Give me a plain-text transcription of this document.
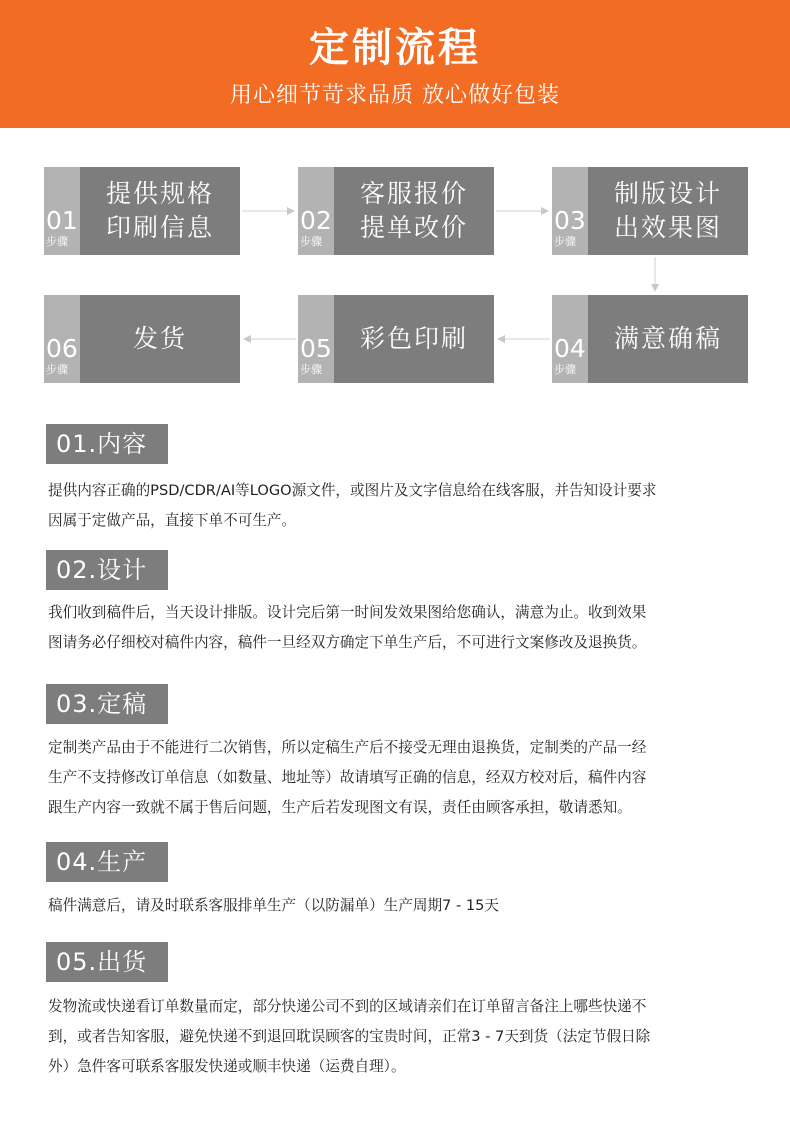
定制流程
用心细节苛求品质 放心做好包装
01
步骤
提供规格
印刷信息	02
步骤
客服报价
提单改价	03
步骤
制版设计
出效果图
04
步骤
满意确稿
05
步骤
彩色印刷
06
步骤
发货
01.内容
提供内容正确的PSD/CDR/AI等LOGO源文件，或图片及文字信息给在线客服，并告知设计要求
因属于定做产品，直接下单不可生产。
02.设计
我们收到稿件后，当天设计排版。设计完后第一时间发效果图给您确认，满意为止。收到效果
图请务必仔细校对稿件内容，稿件一旦经双方确定下单生产后，不可进行文案修改及退换货。
03.定稿
定制类产品由于不能进行二次销售，所以定稿生产后不接受无理由退换货，定制类的产品一经
生产不支持修改订单信息（如数量、地址等）故请填写正确的信息，经双方校对后，稿件内容
跟生产内容一致就不属于售后问题，生产后若发现图文有误，责任由顾客承担，敬请悉知。
04.生产
稿件满意后，请及时联系客服排单生产（以防漏单）生产周期7 - 15天
05.出货
发物流或快递看订单数量而定，部分快递公司不到的区域请亲们在订单留言备注上哪些快递不
到，或者告知客服，避免快递不到退回耽误顾客的宝贵时间，正常3 - 7天到货（法定节假日除
外）急件客可联系客服发快递或顺丰快递（运费自理）。
